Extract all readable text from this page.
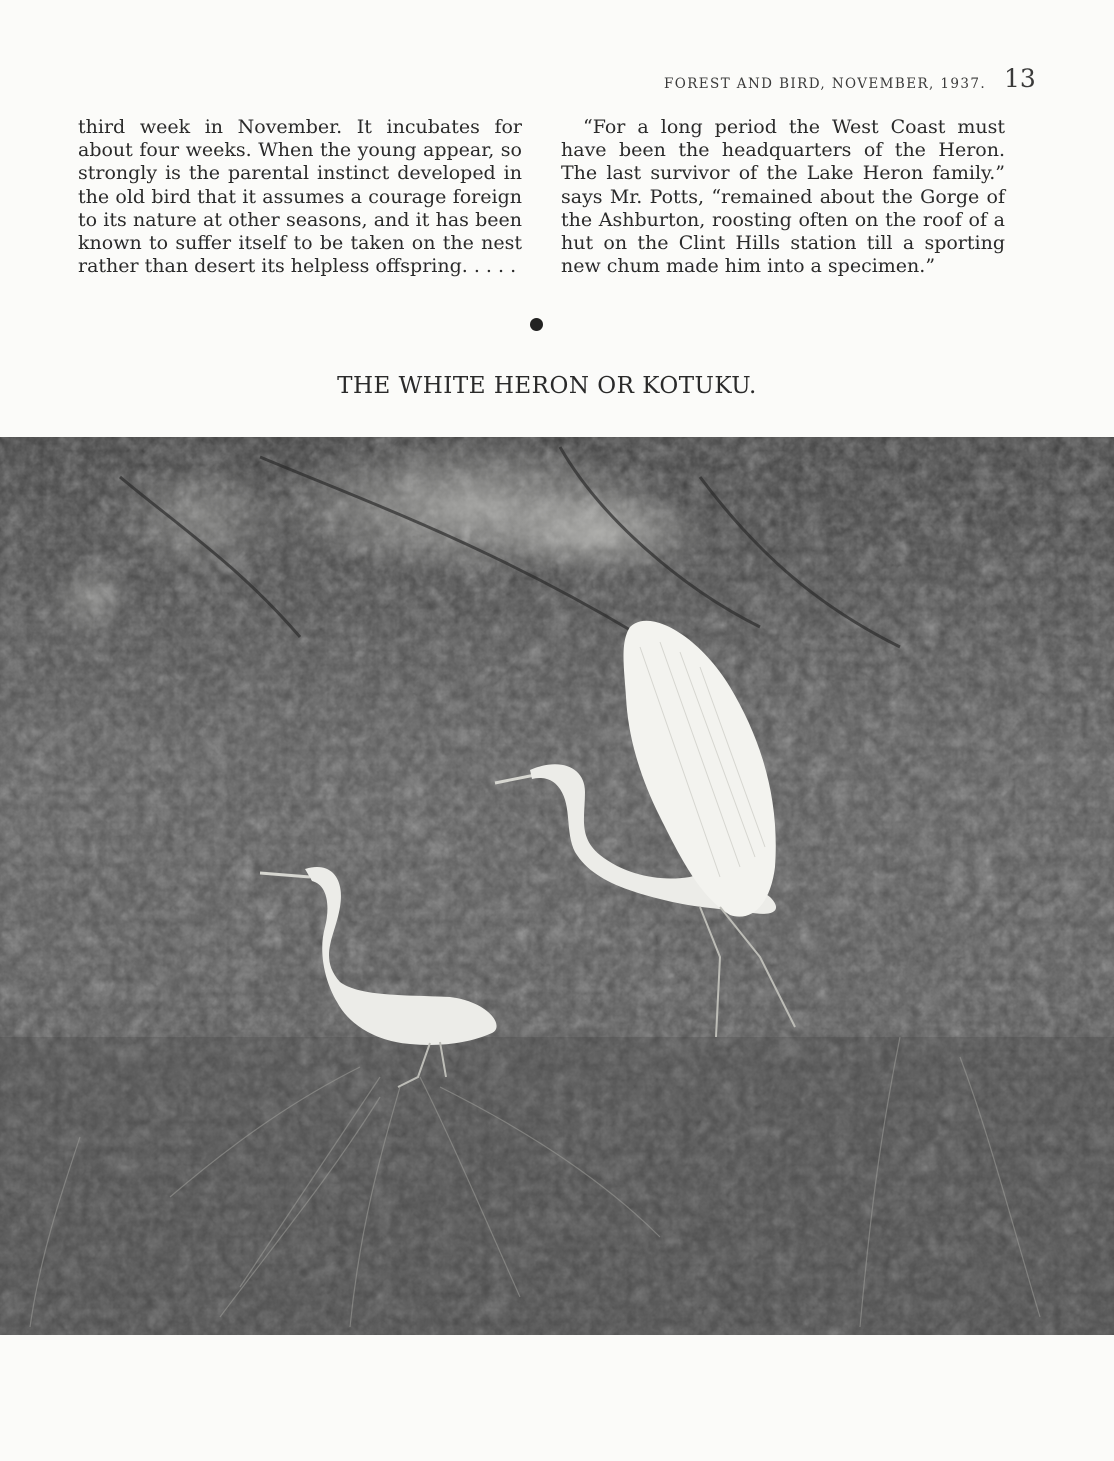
FOREST AND BIRD, NOVEMBER, 1937. 13

third week in November. It incubates for about four weeks. When the young appear, so strongly is the parental instinct developed in the old bird that it assumes a courage foreign to its nature at other seasons, and it has been known to suffer itself to be taken on the nest rather than desert its helpless offspring. . . . .

“For a long period the West Coast must have been the headquarters of the Heron. The last survivor of the Lake Heron family.” says Mr. Potts, “remained about the Gorge of the Ashburton, roosting often on the roof of a hut on the Clint Hills station till a sporting new chum made him into a specimen.”

THE WHITE HERON OR KOTUKU.
